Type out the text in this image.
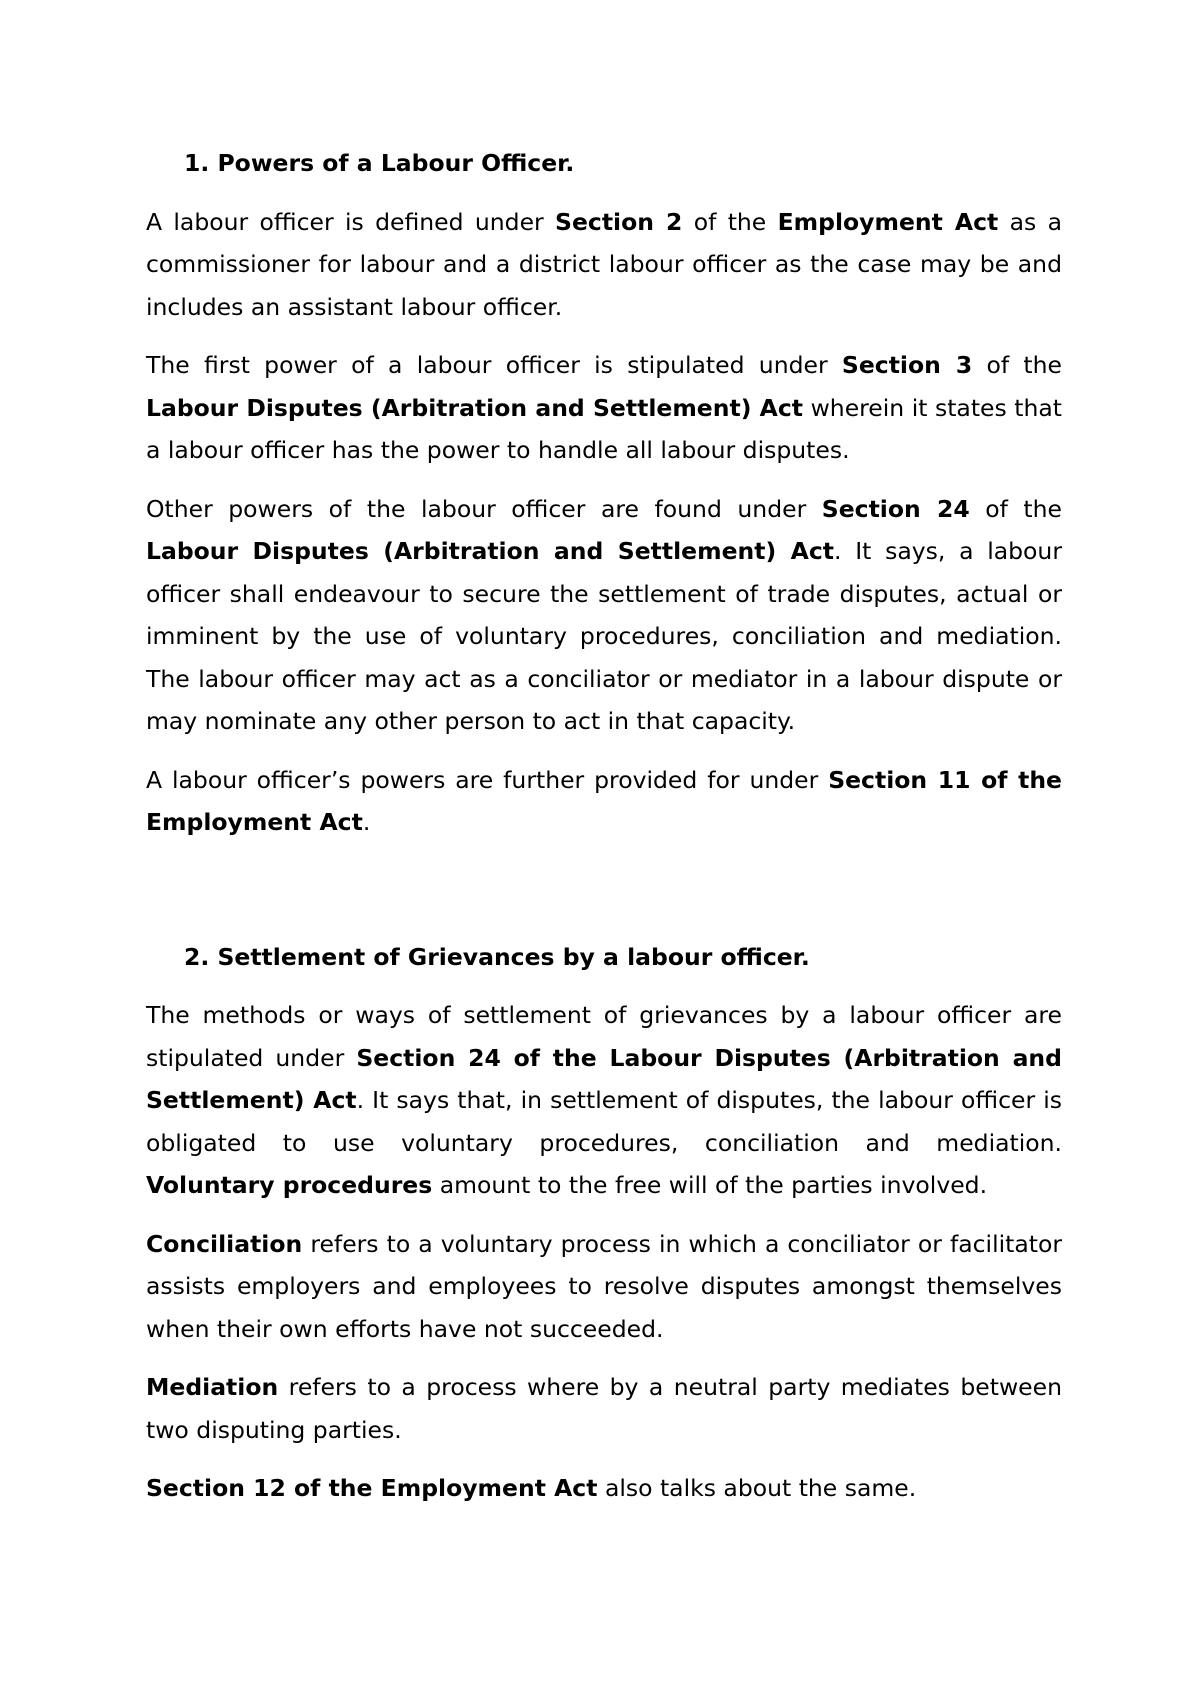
1. Powers of a Labour Officer.

A labour officer is defined under Section 2 of the Employment Act as a commissioner for labour and a district labour officer as the case may be and includes an assistant labour officer.

The first power of a labour officer is stipulated under Section 3 of the Labour Disputes (Arbitration and Settlement) Act wherein it states that a labour officer has the power to handle all labour disputes.

Other powers of the labour officer are found under Section 24 of the Labour Disputes (Arbitration and Settlement) Act. It says, a labour officer shall endeavour to secure the settlement of trade disputes, actual or imminent by the use of voluntary procedures, conciliation and mediation. The labour officer may act as a conciliator or mediator in a labour dispute or may nominate any other person to act in that capacity.

A labour officer’s powers are further provided for under Section 11 of the Employment Act.

2. Settlement of Grievances by a labour officer.

The methods or ways of settlement of grievances by a labour officer are stipulated under Section 24 of the Labour Disputes (Arbitration and Settlement) Act. It says that, in settlement of disputes, the labour officer is obligated to use voluntary procedures, conciliation and mediation. Voluntary procedures amount to the free will of the parties involved.

Conciliation refers to a voluntary process in which a conciliator or facilitator assists employers and employees to resolve disputes amongst themselves when their own efforts have not succeeded.

Mediation refers to a process where by a neutral party mediates between two disputing parties.

Section 12 of the Employment Act also talks about the same.
